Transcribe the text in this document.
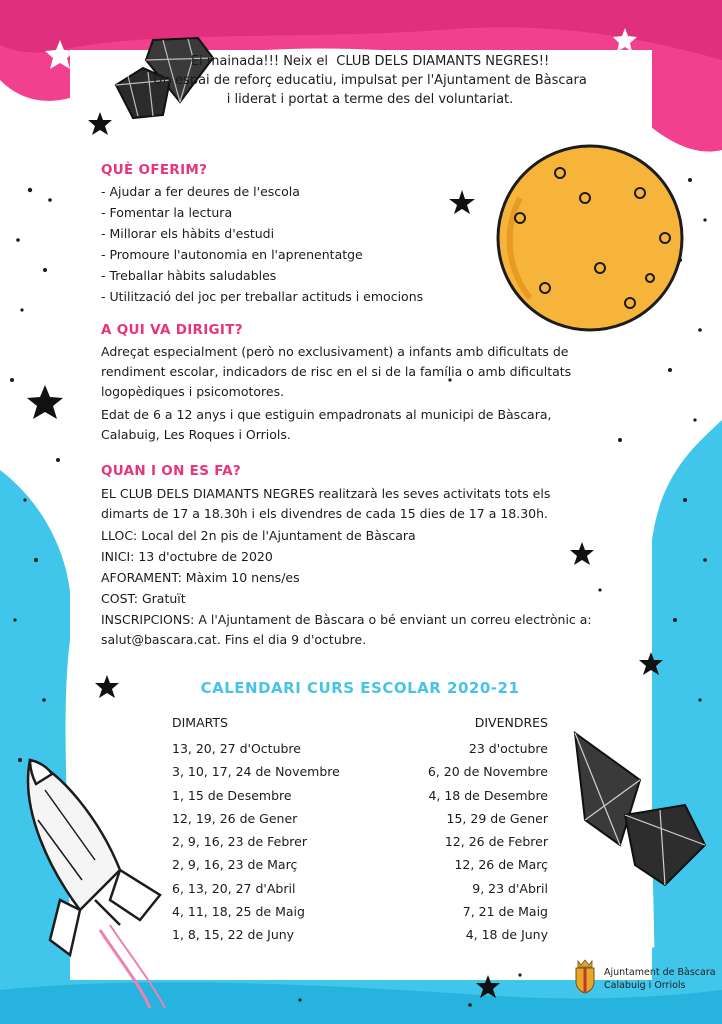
Ei mainada!!! Neix el CLUB DELS DIAMANTS NEGRES!!
Un espai de reforç educatiu, impulsat per l'Ajuntament de Bàscara
i liderat i portat a terme des del voluntariat.
QUÈ OFERIM?
- Ajudar a fer deures de l'escola
- Fomentar la lectura
- Millorar els hàbits d'estudi
- Promoure l'autonomia en l'aprenentatge
- Treballar hàbits saludables
- Utilització del joc per treballar actituds i emocions
A QUI VA DIRIGIT?
Adreçat especialment (però no exclusivament) a infants amb dificultats de rendiment escolar, indicadors de risc en el si de la família o amb dificultats logopèdiques i psicomotores.
Edat de 6 a 12 anys i que estiguin empadronats al municipi de Bàscara, Calabuig, Les Roques i Orriols.
QUAN I ON ES FA?
EL CLUB DELS DIAMANTS NEGRES realitzarà les seves activitats tots els dimarts de 17 a 18.30h i els divendres de cada 15 dies de 17 a 18.30h.
LLOC: Local del 2n pis de l'Ajuntament de Bàscara
INICI: 13 d'octubre de 2020
AFORAMENT: Màxim 10 nens/es
COST: Gratuït
INSCRIPCIONS: A l'Ajuntament de Bàscara o bé enviant un correu electrònic a: salut@bascara.cat. Fins el dia 9 d'octubre.
CALENDARI CURS ESCOLAR 2020-21
DIMARTS	DIVENDRES
13, 20, 27 d'Octubre
3, 10, 17, 24 de Novembre
1, 15 de Desembre
12, 19, 26 de Gener
2, 9, 16, 23 de Febrer
2, 9, 16, 23 de Març
6, 13, 20, 27 d'Abril
4, 11, 18, 25 de Maig
1, 8, 15, 22 de Juny
23 d'octubre
6, 20 de Novembre
4, 18 de Desembre
15, 29 de Gener
12, 26 de Febrer
12, 26 de Març
9, 23 d'Abril
7, 21 de Maig
4, 18 de Juny
Ajuntament de Bàscara
Calabuig i Orriols
